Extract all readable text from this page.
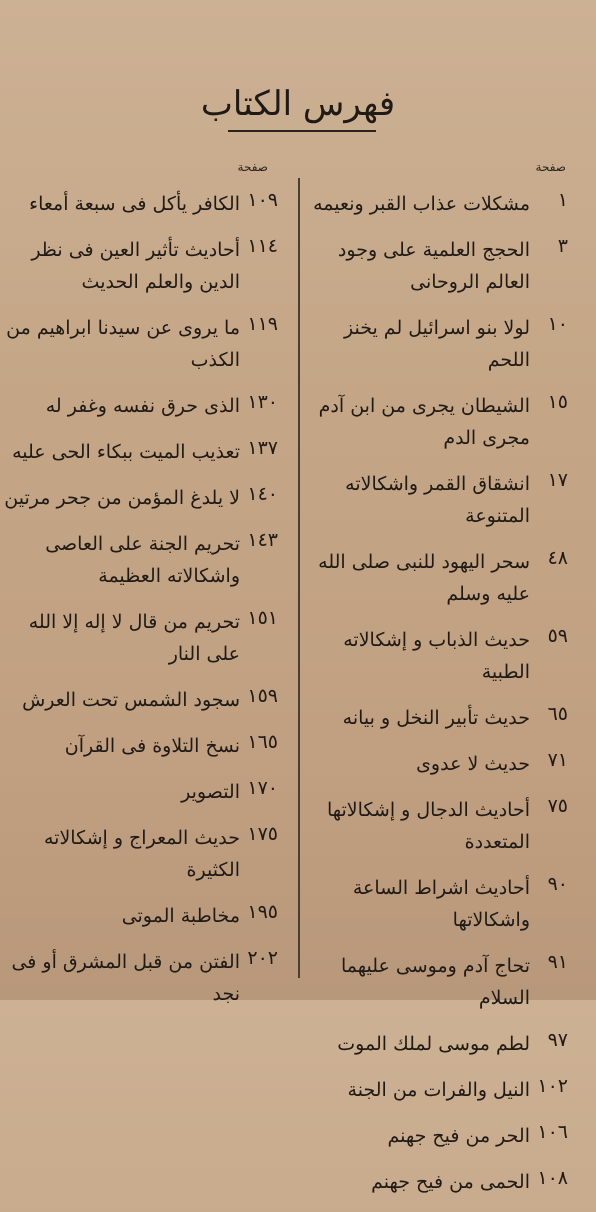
فهرس الكتاب
صفحة
صفحة
١
مشكلات عذاب القبر ونعيمه
٣
الحجج العلمية على وجود العالم الروحانى
١٠
لولا بنو اسرائيل لم يخنز اللحم
١٥
الشيطان يجرى من ابن آدم مجرى الدم
١٧
انشقاق القمر واشكالاته المتنوعة
٤٨
سحر اليهود للنبى صلى الله عليه وسلم
٥٩
حديث الذباب و إشكالاته الطبية
٦٥
حديث تأبير النخل و بيانه
٧١
حديث لا عدوى
٧٥
أحاديث الدجال و إشكالاتها المتعددة
٩٠
أحاديث اشراط الساعة واشكالاتها
٩١
تحاج آدم وموسى عليهما السلام
٩٧
لطم موسى لملك الموت
١٠٢
النيل والفرات من الجنة
١٠٦
الحر من فيح جهنم
١٠٨
الحمى من فيح جهنم
١٠٩
الكافر يأكل فى سبعة أمعاء
١١٤
أحاديث تأثير العين فى نظر الدين والعلم الحديث
١١٩
ما يروى عن سيدنا ابراهيم من الكذب
١٣٠
الذى حرق نفسه وغفر له
١٣٧
تعذيب الميت ببكاء الحى عليه
١٤٠
لا يلدغ المؤمن من جحر مرتين
١٤٣
تحريم الجنة على العاصى واشكالاته العظيمة
١٥١
تحريم من قال لا إله إلا الله على النار
١٥٩
سجود الشمس تحت العرش
١٦٥
نسخ التلاوة فى القرآن
١٧٠
التصوير
١٧٥
حديث المعراج و إشكالاته الكثيرة
١٩٥
مخاطبة الموتى
٢٠٢
الفتن من قبل المشرق أو فى نجد
